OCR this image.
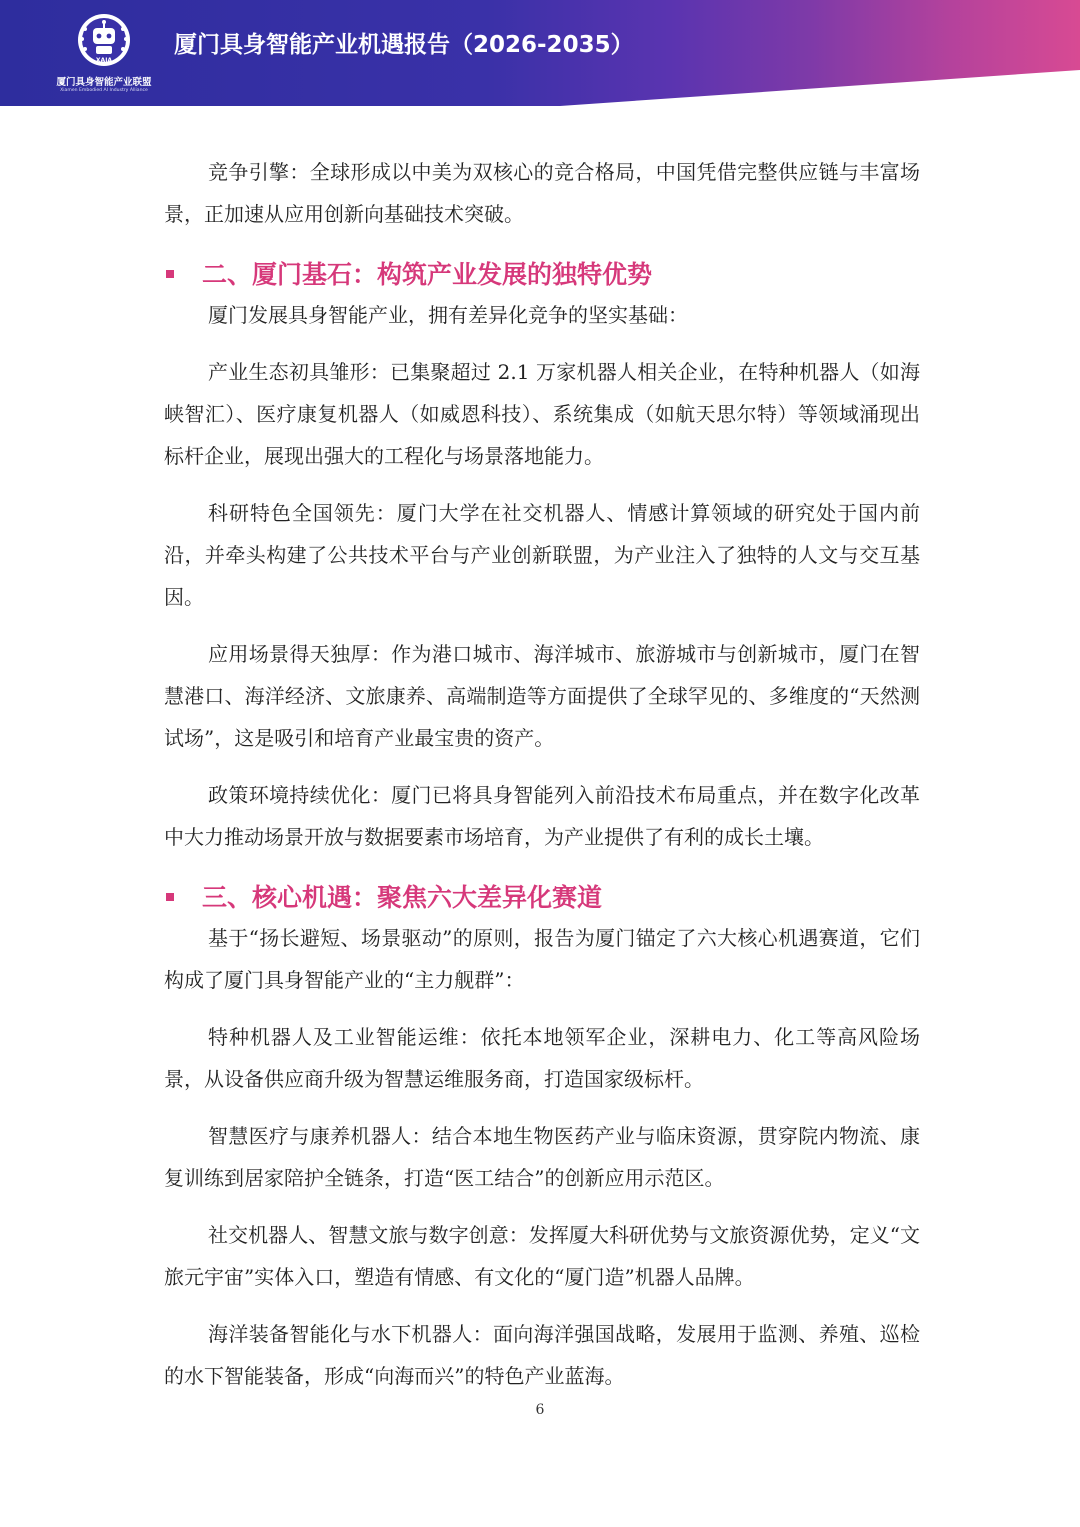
XAIA
厦门具身智能产业联盟
Xiamen Embodied AI Industry Alliance
厦门具身智能产业机遇报告（2026-2035）

竞争引擎：全球形成以中美为双核心的竞合格局，中国凭借完整供应链与丰富场景，正加速从应用创新向基础技术突破。

二、厦门基石：构筑产业发展的独特优势

厦门发展具身智能产业，拥有差异化竞争的坚实基础：

产业生态初具雏形：已集聚超过 2.1 万家机器人相关企业，在特种机器人（如海峡智汇）、医疗康复机器人（如威恩科技）、系统集成（如航天思尔特）等领域涌现出标杆企业，展现出强大的工程化与场景落地能力。

科研特色全国领先：厦门大学在社交机器人、情感计算领域的研究处于国内前沿，并牵头构建了公共技术平台与产业创新联盟，为产业注入了独特的人文与交互基因。

应用场景得天独厚：作为港口城市、海洋城市、旅游城市与创新城市，厦门在智慧港口、海洋经济、文旅康养、高端制造等方面提供了全球罕见的、多维度的“天然测试场”，这是吸引和培育产业最宝贵的资产。

政策环境持续优化：厦门已将具身智能列入前沿技术布局重点，并在数字化改革中大力推动场景开放与数据要素市场培育，为产业提供了有利的成长土壤。

三、核心机遇：聚焦六大差异化赛道

基于“扬长避短、场景驱动”的原则，报告为厦门锚定了六大核心机遇赛道，它们构成了厦门具身智能产业的“主力舰群”：

特种机器人及工业智能运维：依托本地领军企业，深耕电力、化工等高风险场景，从设备供应商升级为智慧运维服务商，打造国家级标杆。

智慧医疗与康养机器人：结合本地生物医药产业与临床资源，贯穿院内物流、康复训练到居家陪护全链条，打造“医工结合”的创新应用示范区。

社交机器人、智慧文旅与数字创意：发挥厦大科研优势与文旅资源优势，定义“文旅元宇宙”实体入口，塑造有情感、有文化的“厦门造”机器人品牌。

海洋装备智能化与水下机器人：面向海洋强国战略，发展用于监测、养殖、巡检的水下智能装备，形成“向海而兴”的特色产业蓝海。

6
